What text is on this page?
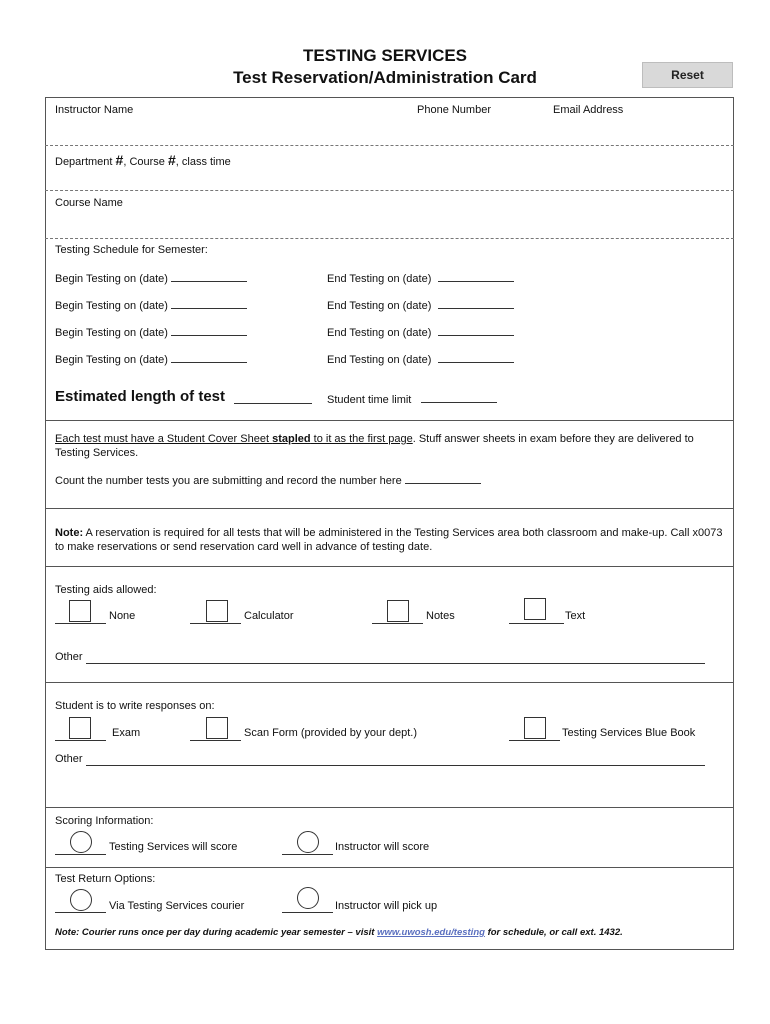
TESTING SERVICES
Test Reservation/Administration Card	Reset
Instructor Name	Phone Number	Email Address
Department #, Course #, class time
Course Name
Testing Schedule for Semester:
Begin Testing on (date)	End Testing on (date)
Begin Testing on (date)	End Testing on (date)
Begin Testing on (date)	End Testing on (date)
Begin Testing on (date)	End Testing on (date)
Estimated length of test	Student time limit
Each test must have a Student Cover Sheet stapled to it as the first page. Stuff answer sheets in exam before they are delivered to Testing Services.
Count the number tests you are submitting and record the number here
Note: A reservation is required for all tests that will be administered in the Testing Services area both classroom and make-up. Call x0073 to make reservations or send reservation card well in advance of testing date.
Testing aids allowed:
None	Calculator	Notes	Text
Other
Student is to write responses on:
Exam	Scan Form (provided by your dept.)	Testing Services Blue Book
Other
Scoring Information:
Testing Services will score	Instructor will score
Test Return Options:
Via Testing Services courier	Instructor will pick up
Note: Courier runs once per day during academic year semester – visit www.uwosh.edu/testing for schedule, or call ext. 1432.
